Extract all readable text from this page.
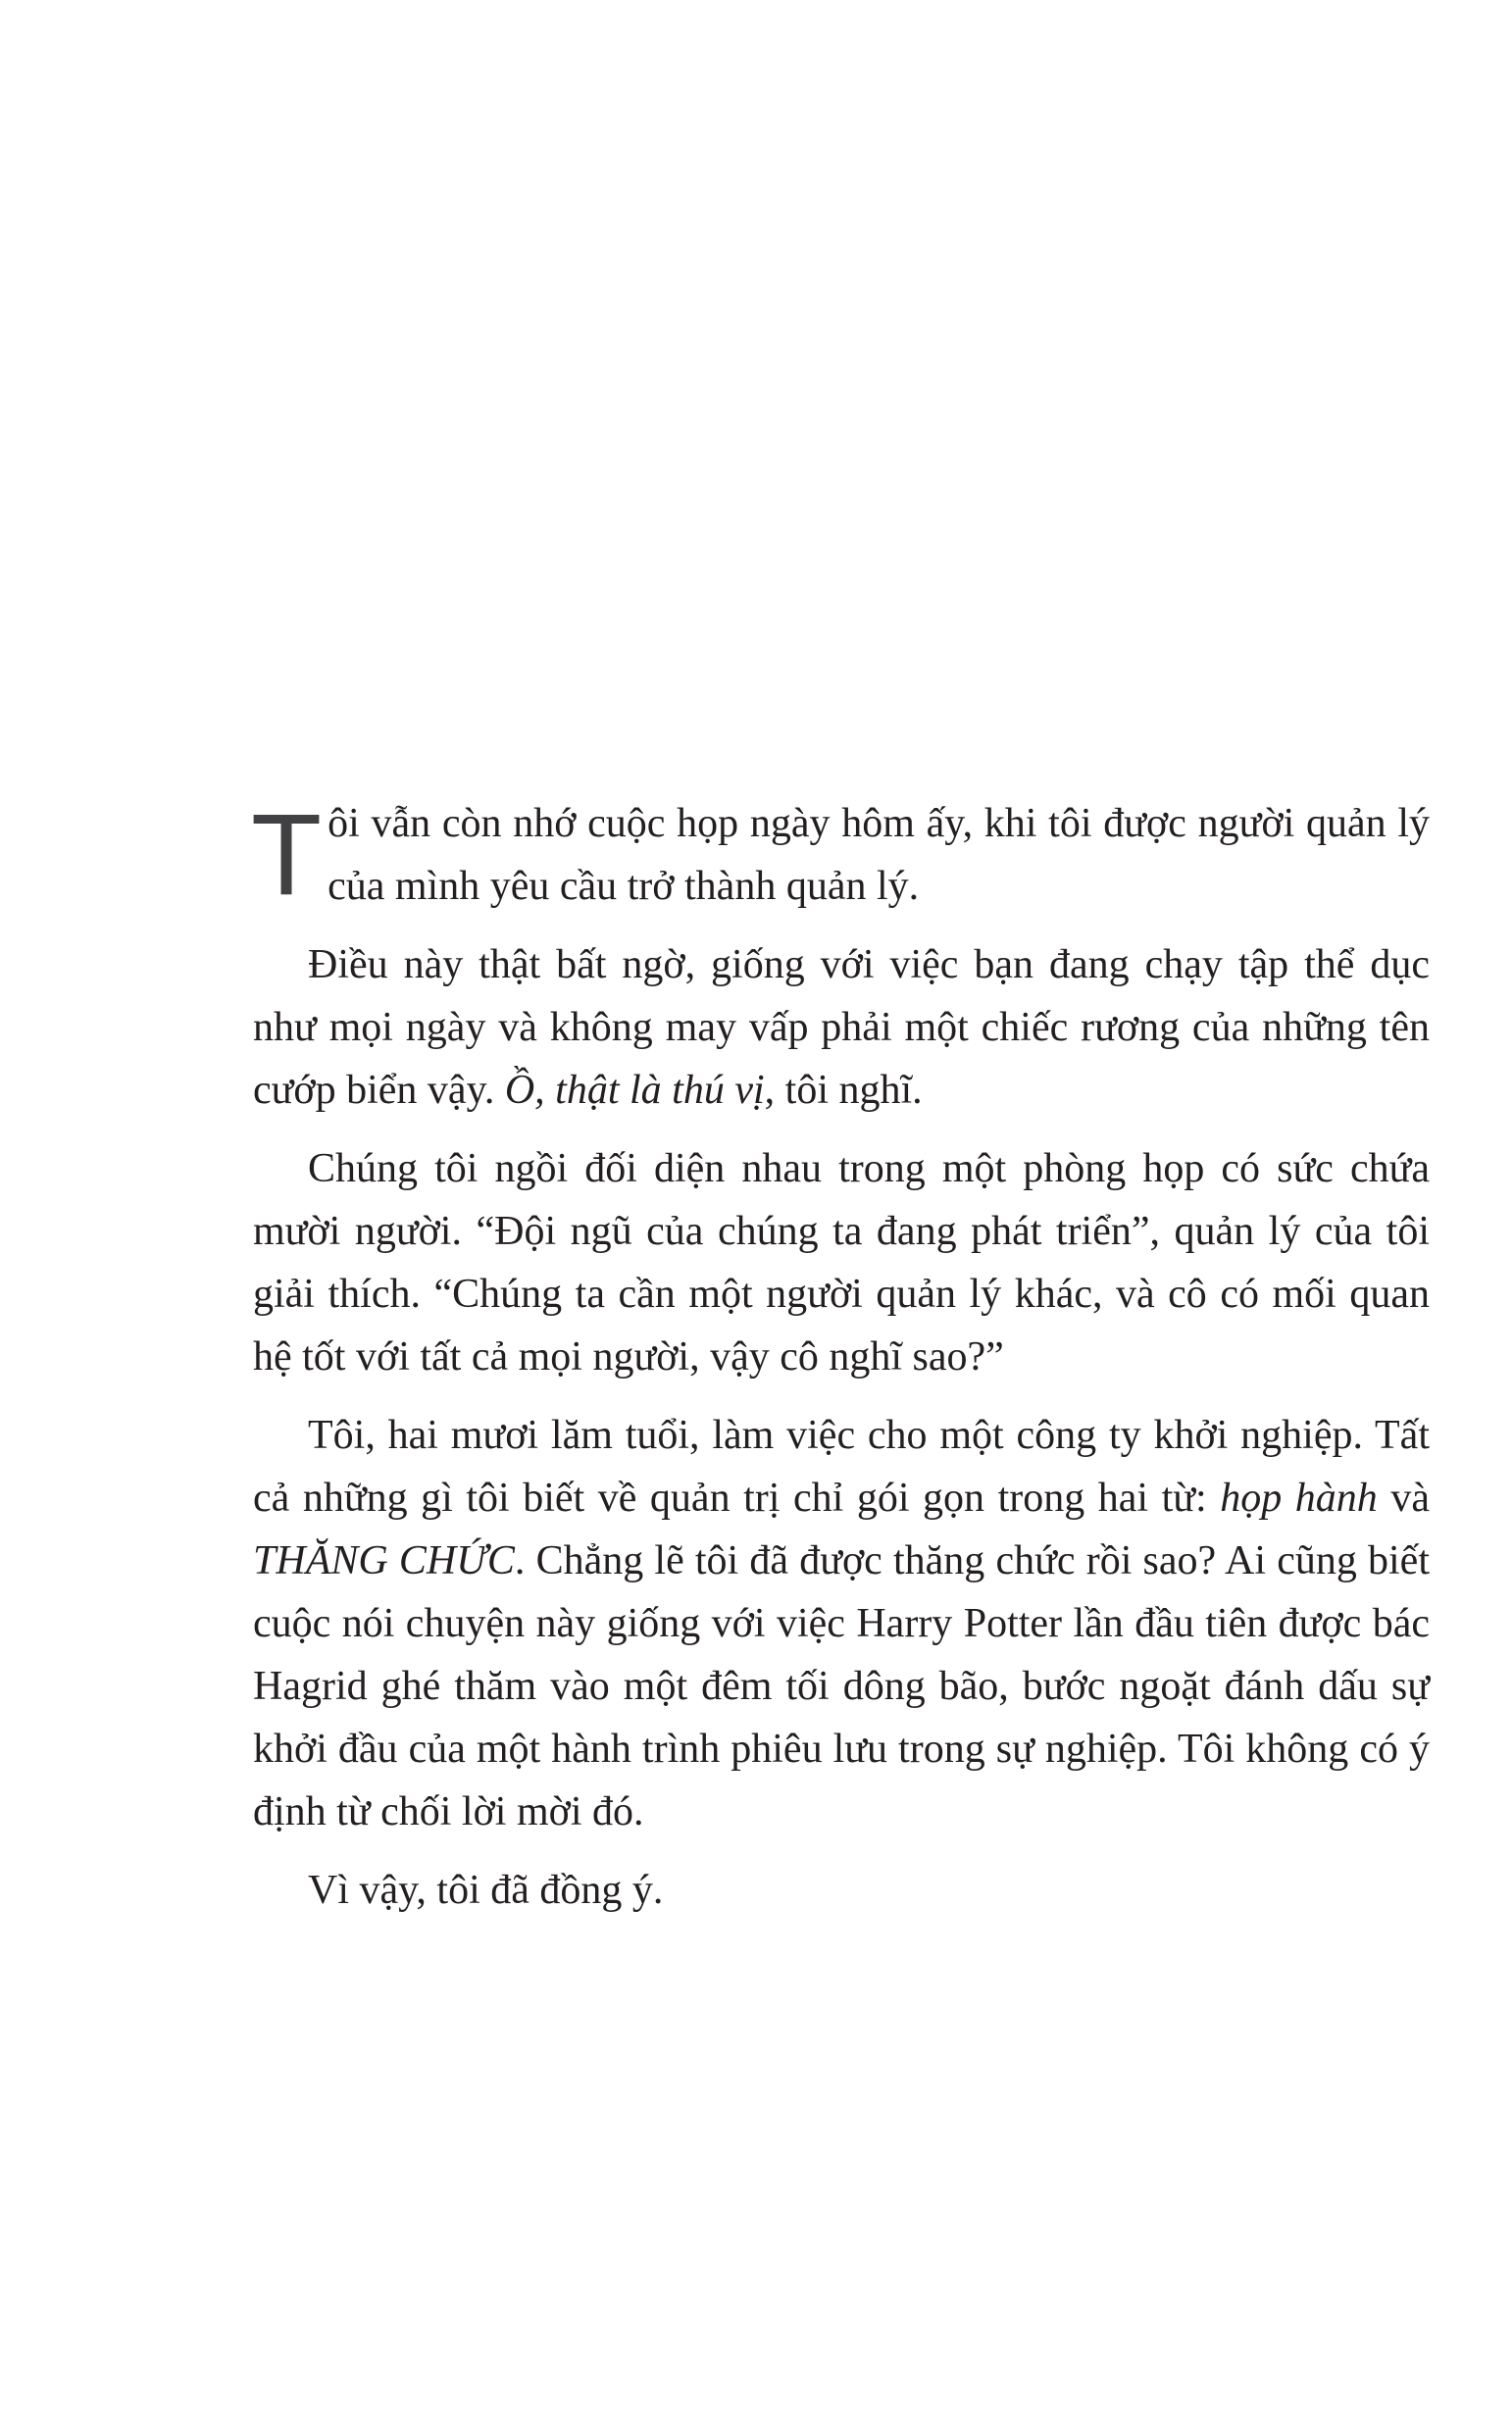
Tôi vẫn còn nhớ cuộc họp ngày hôm ấy, khi tôi được người quản lý của mình yêu cầu trở thành quản lý.

Điều này thật bất ngờ, giống với việc bạn đang chạy tập thể dục như mọi ngày và không may vấp phải một chiếc rương của những tên cướp biển vậy. Ồ, thật là thú vị, tôi nghĩ.

Chúng tôi ngồi đối diện nhau trong một phòng họp có sức chứa mười người. “Đội ngũ của chúng ta đang phát triển”, quản lý của tôi giải thích. “Chúng ta cần một người quản lý khác, và cô có mối quan hệ tốt với tất cả mọi người, vậy cô nghĩ sao?”

Tôi, hai mươi lăm tuổi, làm việc cho một công ty khởi nghiệp. Tất cả những gì tôi biết về quản trị chỉ gói gọn trong hai từ: họp hành và THĂNG CHỨC. Chẳng lẽ tôi đã được thăng chức rồi sao? Ai cũng biết cuộc nói chuyện này giống với việc Harry Potter lần đầu tiên được bác Hagrid ghé thăm vào một đêm tối dông bão, bước ngoặt đánh dấu sự khởi đầu của một hành trình phiêu lưu trong sự nghiệp. Tôi không có ý định từ chối lời mời đó.

Vì vậy, tôi đã đồng ý.
